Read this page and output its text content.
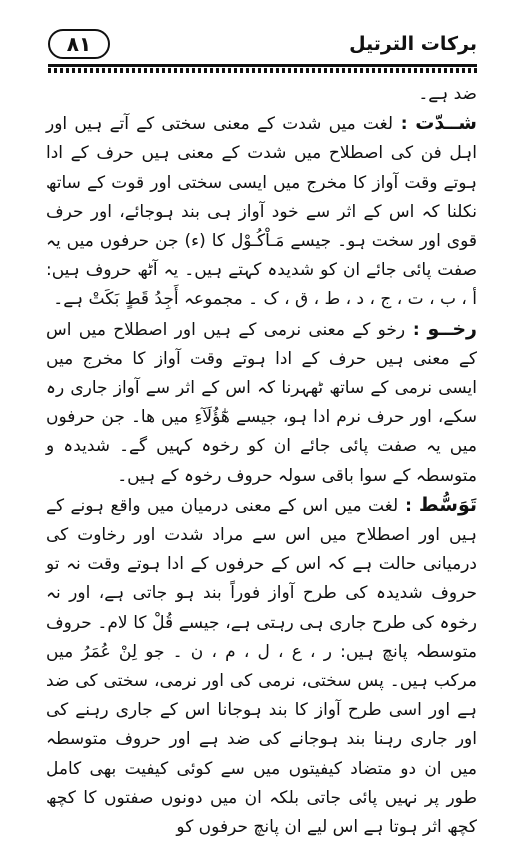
۸۱	بركات الترتيل

ضد ہے۔

شــدّت : لغت میں شدت کے معنی سختی کے آتے ہیں اور اہل فن کی اصطلاح میں شدت کے معنی ہیں حرف کے ادا ہوتے وقت آواز کا مخرج میں ایسی سختی اور قوت کے ساتھ نکلنا کہ اس کے اثر سے خود آواز ہی بند ہوجائے، اور حرف قوی اور سخت ہو۔ جیسے مَـاْکُـوْل کا (ء) جن حرفوں میں یہ صفت پائی جائے ان کو شدیدہ کہتے ہیں۔ یہ آٹھ حروف ہیں: أ ، ب ، ت ، ج ، د ، ط ، ق ، ک ۔ مجموعہ أَجِدُ قَطٍ بَکَتْ ہے۔

رخــو : رخو کے معنی نرمی کے ہیں اور اصطلاح میں اس کے معنی ہیں حرف کے ادا ہوتے وقت آواز کا مخرج میں ایسی نرمی کے ساتھ ٹھہرنا کہ اس کے اثر سے آواز جاری رہ سکے، اور حرف نرم ادا ہو، جیسے ھٰٓؤُلَآءِ میں ھا۔ جن حرفوں میں یہ صفت پائی جائے ان کو رخوہ کہیں گے۔ شدیدہ و متوسطہ کے سوا باقی سولہ حروف رخوہ کے ہیں۔

تَوَسُّط : لغت میں اس کے معنی درمیان میں واقع ہونے کے ہیں اور اصطلاح میں اس سے مراد شدت اور رخاوت کی درمیانی حالت ہے کہ اس کے حرفوں کے ادا ہوتے وقت نہ تو حروف شدیدہ کی طرح آواز فوراً بند ہو جاتی ہے، اور نہ رخوہ کی طرح جاری ہی رہتی ہے، جیسے قُلْ کا لام۔ حروف متوسطہ پانچ ہیں: ر ، ع ، ل ، م ، ن ۔ جو لِنْ عُمَرُ میں مرکب ہیں۔ پس سختی، نرمی کی اور نرمی، سختی کی ضد ہے اور اسی طرح آواز کا بند ہوجانا اس کے جاری رہنے کی اور جاری رہنا بند ہوجانے کی ضد ہے اور حروف متوسطہ میں ان دو متضاد کیفیتوں میں سے کوئی کیفیت بھی کامل طور پر نہیں پائی جاتی بلکہ ان میں دونوں صفتوں کا کچھ کچھ اثر ہوتا ہے اس لیے ان پانچ حرفوں کو
